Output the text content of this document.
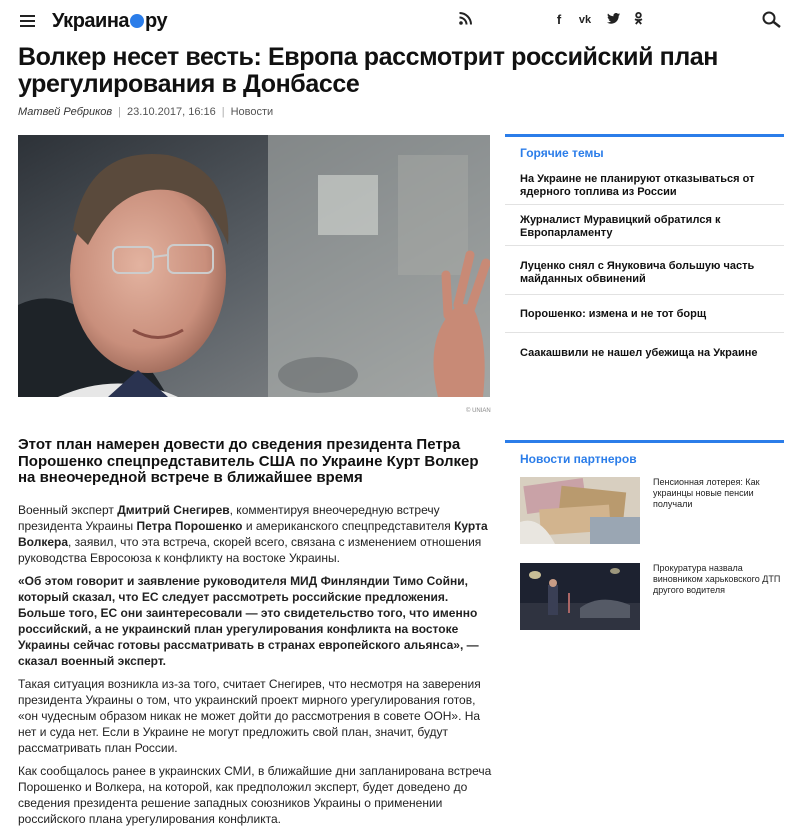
Украина ру	f	vk
Волкер несет весть: Европа рассмотрит российский план урегулирования в Донбассе
Матвей Ребриков | 23.10.2017, 16:16 | Новости
© UNIAN

Этот план намерен довести до сведения президента Петра Порошенко спецпредставитель США по Украине Курт Волкер на внеочередной встрече в ближайшее время

Военный эксперт Дмитрий Снегирев, комментируя внеочередную встречу президента Украины Петра Порошенко и американского спецпредставителя Курта Волкера, заявил, что эта встреча, скорей всего, связана с изменением отношения руководства Евросоюза к конфликту на востоке Украины.

«Об этом говорит и заявление руководителя МИД Финляндии Тимо Сойни, который сказал, что ЕС следует рассмотреть российские предложения. Больше того, ЕС они заинтересовали — это свидетельство того, что именно российский, а не украинский план урегулирования конфликта на востоке Украины сейчас готовы рассматривать в странах европейского альянса», — сказал военный эксперт.

Такая ситуация возникла из-за того, считает Снегирев, что несмотря на заверения президента Украины о том, что украинский проект мирного урегулирования готов, «он чудесным образом никак не может дойти до рассмотрения в совете ООН». На нет и суда нет. Если в Украине не могут предложить свой план, значит, будут рассматривать план России.

Как сообщалось ранее в украинских СМИ, в ближайшие дни запланирована встреча Порошенко и Волкера, на которой, как предположил эксперт, будет доведено до сведения президента решение западных союзников Украины о применении российского плана урегулирования конфликта.

Горячие темы
На Украине не планируют отказываться от ядерного топлива из России
Журналист Муравицкий обратился к Европарламенту
Луценко снял с Януковича большую часть майданных обвинений
Порошенко: измена и не тот борщ
Саакашвили не нашел убежища на Украине
Новости партнеров
Пенсионная лотерея: Как украинцы новые пенсии получали
Прокуратура назвала виновником харьковского ДТП другого водителя
